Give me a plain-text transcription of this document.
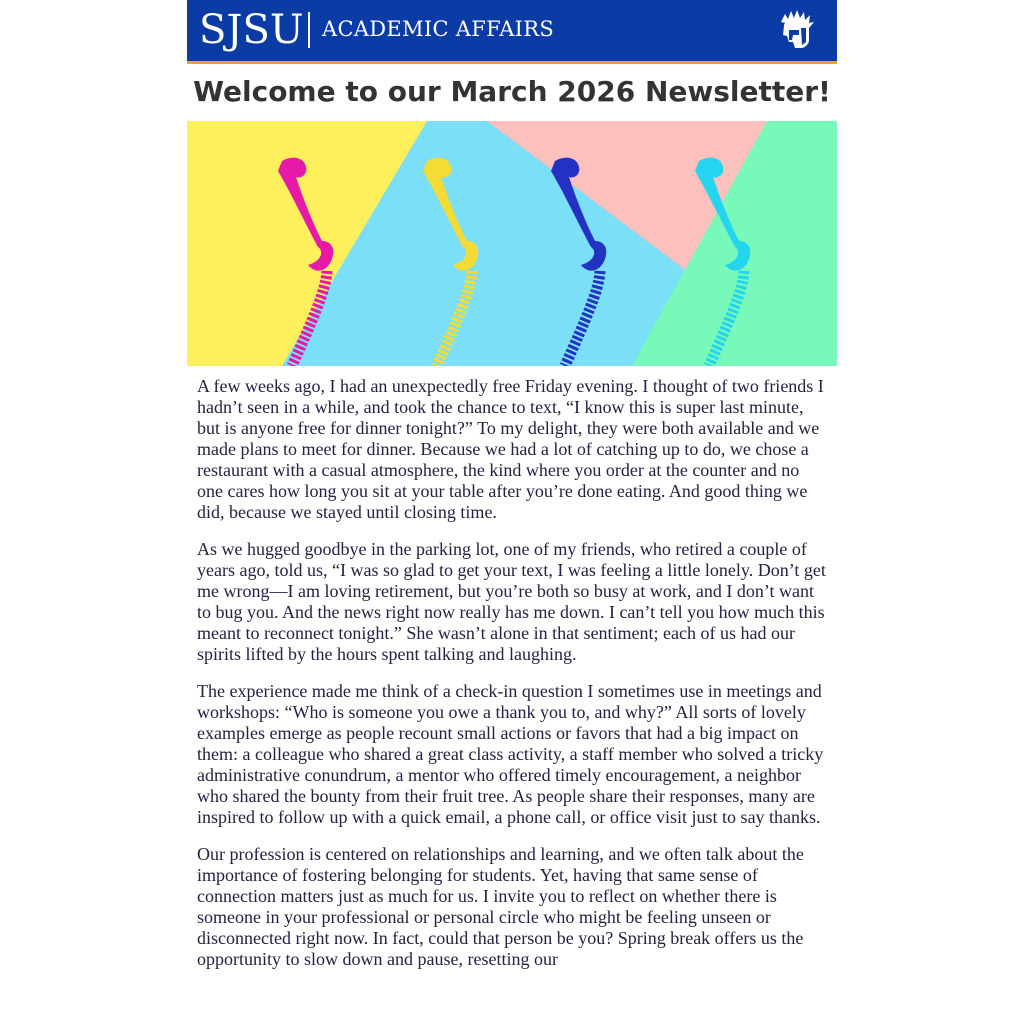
SJSU ACADEMIC AFFAIRS
Welcome to our March 2026 Newsletter!

A few weeks ago, I had an unexpectedly free Friday evening. I thought of two friends I hadn’t seen in a while, and took the chance to text, “I know this is super last minute, but is anyone free for dinner tonight?” To my delight, they were both available and we made plans to meet for dinner. Because we had a lot of catching up to do, we chose a restaurant with a casual atmosphere, the kind where you order at the counter and no one cares how long you sit at your table after you’re done eating. And good thing we did, because we stayed until closing time.

As we hugged goodbye in the parking lot, one of my friends, who retired a couple of years ago, told us, “I was so glad to get your text, I was feeling a little lonely. Don’t get me wrong—I am loving retirement, but you’re both so busy at work, and I don’t want to bug you. And the news right now really has me down. I can’t tell you how much this meant to reconnect tonight.” She wasn’t alone in that sentiment; each of us had our spirits lifted by the hours spent talking and laughing.

The experience made me think of a check-in question I sometimes use in meetings and workshops: “Who is someone you owe a thank you to, and why?” All sorts of lovely examples emerge as people recount small actions or favors that had a big impact on them: a colleague who shared a great class activity, a staff member who solved a tricky administrative conundrum, a mentor who offered timely encouragement, a neighbor who shared the bounty from their fruit tree. As people share their responses, many are inspired to follow up with a quick email, a phone call, or office visit just to say thanks.

Our profession is centered on relationships and learning, and we often talk about the importance of fostering belonging for students. Yet, having that same sense of connection matters just as much for us. I invite you to reflect on whether there is someone in your professional or personal circle who might be feeling unseen or disconnected right now. In fact, could that person be you? Spring break offers us the opportunity to slow down and pause, resetting our
